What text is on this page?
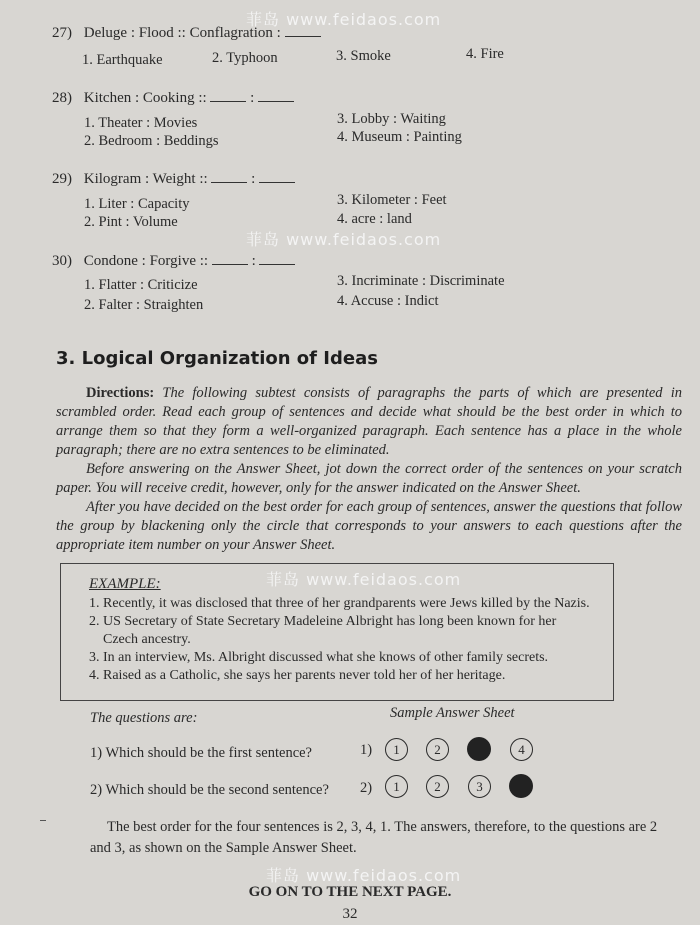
菲岛 www.feidaos.com
菲岛 www.feidaos.com
菲岛 www.feidaos.com
菲岛 www.feidaos.com
27) Deluge : Flood :: Conflagration :
1. Earthquake	2. Typhoon	3. Smoke	4. Fire
28) Kitchen : Cooking ::	:
1. Theater : Movies
2. Bedroom : Beddings
3. Lobby : Waiting
4. Museum : Painting
29) Kilogram : Weight ::	:
1. Liter : Capacity
2. Pint : Volume
3. Kilometer : Feet
4. acre : land
30) Condone : Forgive ::	:
1. Flatter : Criticize
2. Falter : Straighten
3. Incriminate : Discriminate
4. Accuse : Indict
3. Logical Organization of Ideas

Directions: The following subtest consists of paragraphs the parts of which are presented in scrambled order. Read each group of sentences and decide what should be the best order in which to arrange them so that they form a well-organized paragraph. Each sentence has a place in the whole paragraph; there are no extra sentences to be eliminated.

Before answering on the Answer Sheet, jot down the correct order of the sentences on your scratch paper. You will receive credit, however, only for the answer indicated on the Answer Sheet.

After you have decided on the best order for each group of sentences, answer the questions that follow the group by blackening only the circle that corresponds to your answers to each questions after the appropriate item number on your Answer Sheet.

EXAMPLE:
1. Recently, it was disclosed that three of her grandparents were Jews killed by the Nazis.
2. US Secretary of State Secretary Madeleine Albright has long been known for her
Czech ancestry.
3. In an interview, Ms. Albright discussed what she knows of other family secrets.
4. Raised as a Catholic, she says her parents never told her of her heritage.
The questions are:	Sample Answer Sheet
1) Which should be the first sentence?	1)	1	2	4
2) Which should be the second sentence? 2)	1	2	3
The best order for the four sentences is 2, 3, 4, 1. The answers, therefore, to the questions are 2 and 3, as shown on the Sample Answer Sheet.
GO ON TO THE NEXT PAGE.
32
